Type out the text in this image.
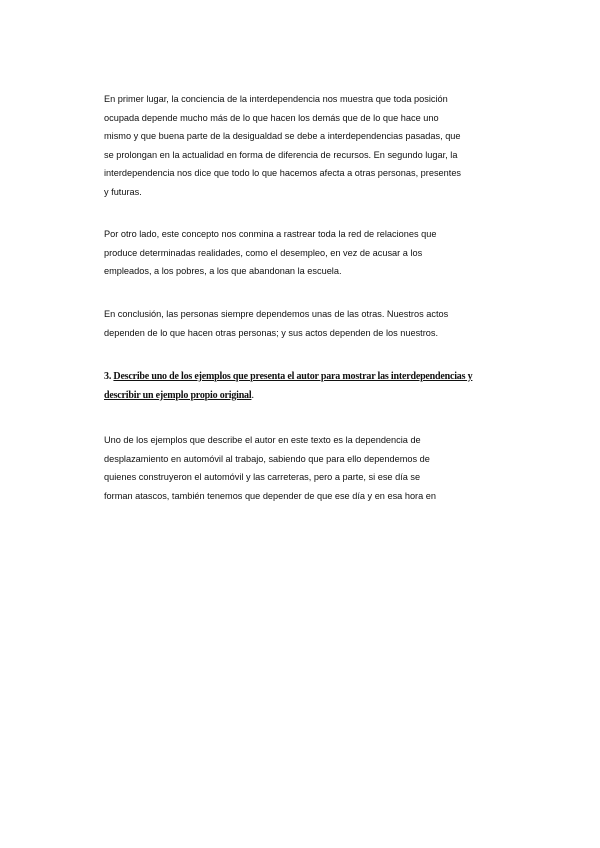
En primer lugar, la conciencia de la interdependencia nos muestra que toda posición
ocupada depende mucho más de lo que hacen los demás que de lo que hace uno
mismo y que buena parte de la desigualdad se debe a interdependencias pasadas, que
se prolongan en la actualidad en forma de diferencia de recursos. En segundo lugar, la
interdependencia nos dice que todo lo que hacemos afecta a otras personas, presentes
y futuras.
Por otro lado, este concepto nos conmina a rastrear toda la red de relaciones que
produce determinadas realidades, como el desempleo, en vez de acusar a los
empleados, a los pobres, a los que abandonan la escuela.
En conclusión, las personas siempre dependemos unas de las otras. Nuestros actos
dependen de lo que hacen otras personas; y sus actos dependen de los nuestros.
3. Describe uno de los ejemplos que presenta el autor para mostrar las interdependencias y
describir un ejemplo propio original.
Uno de los ejemplos que describe el autor en este texto es la dependencia de
desplazamiento en automóvil al trabajo, sabiendo que para ello dependemos de
quienes construyeron el automóvil y las carreteras, pero a parte, si ese día se
forman atascos, también tenemos que depender de que ese día y en esa hora en
